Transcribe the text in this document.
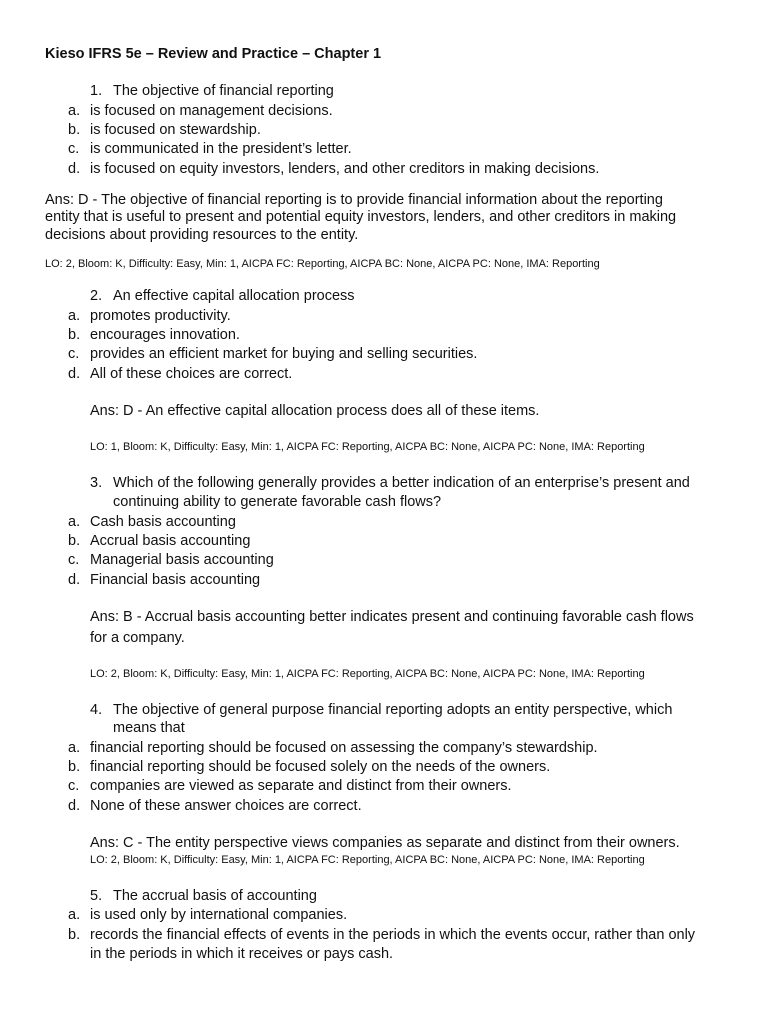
Kieso IFRS 5e – Review and Practice – Chapter 1
1. The objective of financial reporting
a. is focused on management decisions.
b. is focused on stewardship.
c. is communicated in the president’s letter.
d. is focused on equity investors, lenders, and other creditors in making decisions.
Ans: D - The objective of financial reporting is to provide financial information about the reporting
entity that is useful to present and potential equity investors, lenders, and other creditors in making
decisions about providing resources to the entity.
LO: 2, Bloom: K, Difficulty: Easy, Min: 1, AICPA FC: Reporting, AICPA BC: None, AICPA PC: None, IMA: Reporting
2. An effective capital allocation process
a. promotes productivity.
b. encourages innovation.
c. provides an efficient market for buying and selling securities.
d. All of these choices are correct.
Ans: D - An effective capital allocation process does all of these items.
LO: 1, Bloom: K, Difficulty: Easy, Min: 1, AICPA FC: Reporting, AICPA BC: None, AICPA PC: None, IMA: Reporting
3. Which of the following generally provides a better indication of an enterprise’s present and
continuing ability to generate favorable cash flows?
a. Cash basis accounting
b. Accrual basis accounting
c. Managerial basis accounting
d. Financial basis accounting
Ans: B - Accrual basis accounting better indicates present and continuing favorable cash flows
for a company.
LO: 2, Bloom: K, Difficulty: Easy, Min: 1, AICPA FC: Reporting, AICPA BC: None, AICPA PC: None, IMA: Reporting
4. The objective of general purpose financial reporting adopts an entity perspective, which
means that
a. financial reporting should be focused on assessing the company’s stewardship.
b. financial reporting should be focused solely on the needs of the owners.
c. companies are viewed as separate and distinct from their owners.
d. None of these answer choices are correct.
Ans: C - The entity perspective views companies as separate and distinct from their owners.
LO: 2, Bloom: K, Difficulty: Easy, Min: 1, AICPA FC: Reporting, AICPA BC: None, AICPA PC: None, IMA: Reporting
5. The accrual basis of accounting
a. is used only by international companies.
b. records the financial effects of events in the periods in which the events occur, rather than only
in the periods in which it receives or pays cash.
